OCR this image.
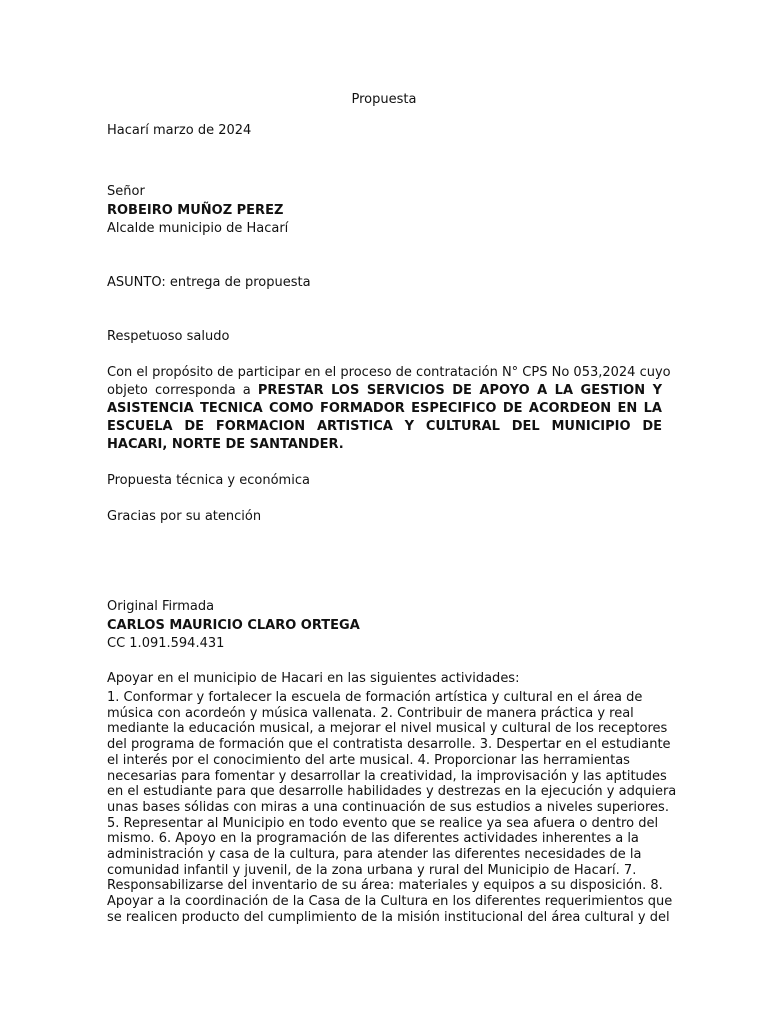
Propuesta
Hacarí marzo de 2024
Señor
ROBEIRO MUÑOZ PEREZ
Alcalde municipio de Hacarí
ASUNTO: entrega de propuesta
Respetuoso saludo
Con el propósito de participar en el proceso de contratación N° CPS No 053,2024 cuyo
objeto corresponda a PRESTAR LOS SERVICIOS DE APOYO A LA GESTION Y
ASISTENCIA TECNICA COMO FORMADOR ESPECIFICO DE ACORDEON EN LA
ESCUELA DE FORMACION ARTISTICA Y CULTURAL DEL MUNICIPIO DE
HACARI, NORTE DE SANTANDER.
Propuesta técnica y económica
Gracias por su atención
Original Firmada
CARLOS MAURICIO CLARO ORTEGA
CC 1.091.594.431
Apoyar en el municipio de Hacari en las siguientes actividades:
1. Conformar y fortalecer la escuela de formación artística y cultural en el área de
música con acordeón y música vallenata. 2. Contribuir de manera práctica y real
mediante la educación musical, a mejorar el nivel musical y cultural de los receptores
del programa de formación que el contratista desarrolle. 3. Despertar en el estudiante
el interés por el conocimiento del arte musical. 4. Proporcionar las herramientas
necesarias para fomentar y desarrollar la creatividad, la improvisación y las aptitudes
en el estudiante para que desarrolle habilidades y destrezas en la ejecución y adquiera
unas bases sólidas con miras a una continuación de sus estudios a niveles superiores.
5. Representar al Municipio en todo evento que se realice ya sea afuera o dentro del
mismo. 6. Apoyo en la programación de las diferentes actividades inherentes a la
administración y casa de la cultura, para atender las diferentes necesidades de la
comunidad infantil y juvenil, de la zona urbana y rural del Municipio de Hacarí. 7.
Responsabilizarse del inventario de su área: materiales y equipos a su disposición. 8.
Apoyar a la coordinación de la Casa de la Cultura en los diferentes requerimientos que
se realicen producto del cumplimiento de la misión institucional del área cultural y del
